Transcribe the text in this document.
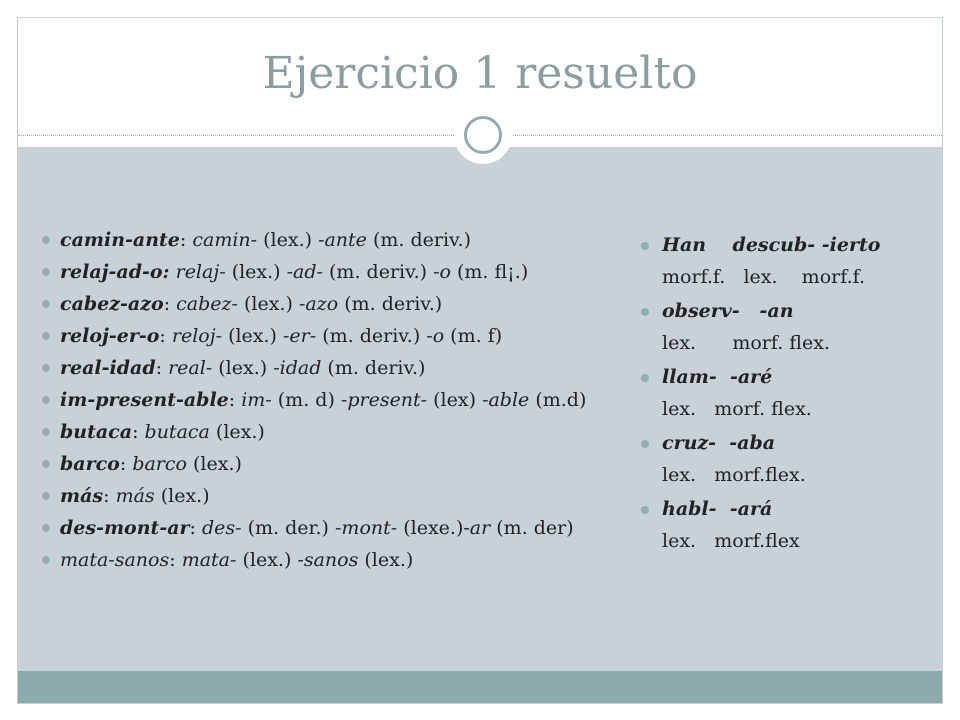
Ejercicio 1 resuelto
camin-ante: camin- (lex.) -ante (m. deriv.)
relaj-ad-o: relaj- (lex.) -ad- (m. deriv.) -o (m. fl¡.)
cabez-azo: cabez- (lex.) -azo (m. deriv.)
reloj-er-o: reloj- (lex.) -er- (m. deriv.) -o (m. f)
real-idad: real- (lex.) -idad (m. deriv.)
im-present-able: im- (m. d) -present- (lex) -able (m.d)
butaca: butaca (lex.)
barco: barco (lex.)
más: más (lex.)
des-mont-ar: des- (m. der.) -mont- (lexe.)-ar (m. der)
mata-sanos: mata- (lex.) -sanos (lex.)
Han    descub- -ierto
morf.f.   lex.    morf.f.
observ-   -an
lex.      morf. flex.
llam-  -aré
lex.   morf. flex.
cruz-  -aba
lex.   morf.flex.
habl-  -ará
lex.   morf.flex
